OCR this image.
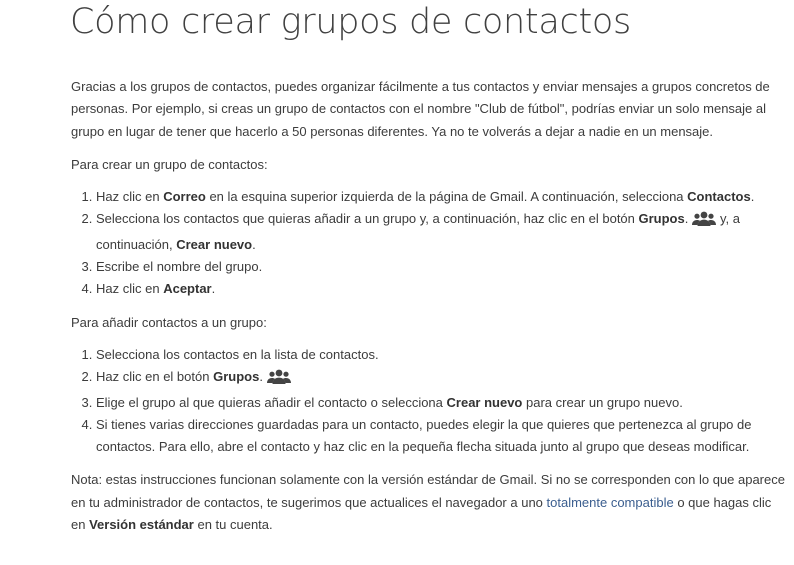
Cómo crear grupos de contactos

Gracias a los grupos de contactos, puedes organizar fácilmente a tus contactos y enviar mensajes a grupos concretos de personas. Por ejemplo, si creas un grupo de contactos con el nombre "Club de fútbol", podrías enviar un solo mensaje al grupo en lugar de tener que hacerlo a 50 personas diferentes. Ya no te volverás a dejar a nadie en un mensaje.

Para crear un grupo de contactos:

1. Haz clic en Correo en la esquina superior izquierda de la página de Gmail. A continuación, selecciona Contactos.
2. Selecciona los contactos que quieras añadir a un grupo y, a continuación, haz clic en el botón Grupos. y, a continuación, Crear nuevo.
3. Escribe el nombre del grupo.
4. Haz clic en Aceptar.

Para añadir contactos a un grupo:

1. Selecciona los contactos en la lista de contactos.
2. Haz clic en el botón Grupos.
3. Elige el grupo al que quieras añadir el contacto o selecciona Crear nuevo para crear un grupo nuevo.
4. Si tienes varias direcciones guardadas para un contacto, puedes elegir la que quieres que pertenezca al grupo de contactos. Para ello, abre el contacto y haz clic en la pequeña flecha situada junto al grupo que deseas modificar.

Nota: estas instrucciones funcionan solamente con la versión estándar de Gmail. Si no se corresponden con lo que aparece en tu administrador de contactos, te sugerimos que actualices el navegador a uno totalmente compatible o que hagas clic en Versión estándar en tu cuenta.
